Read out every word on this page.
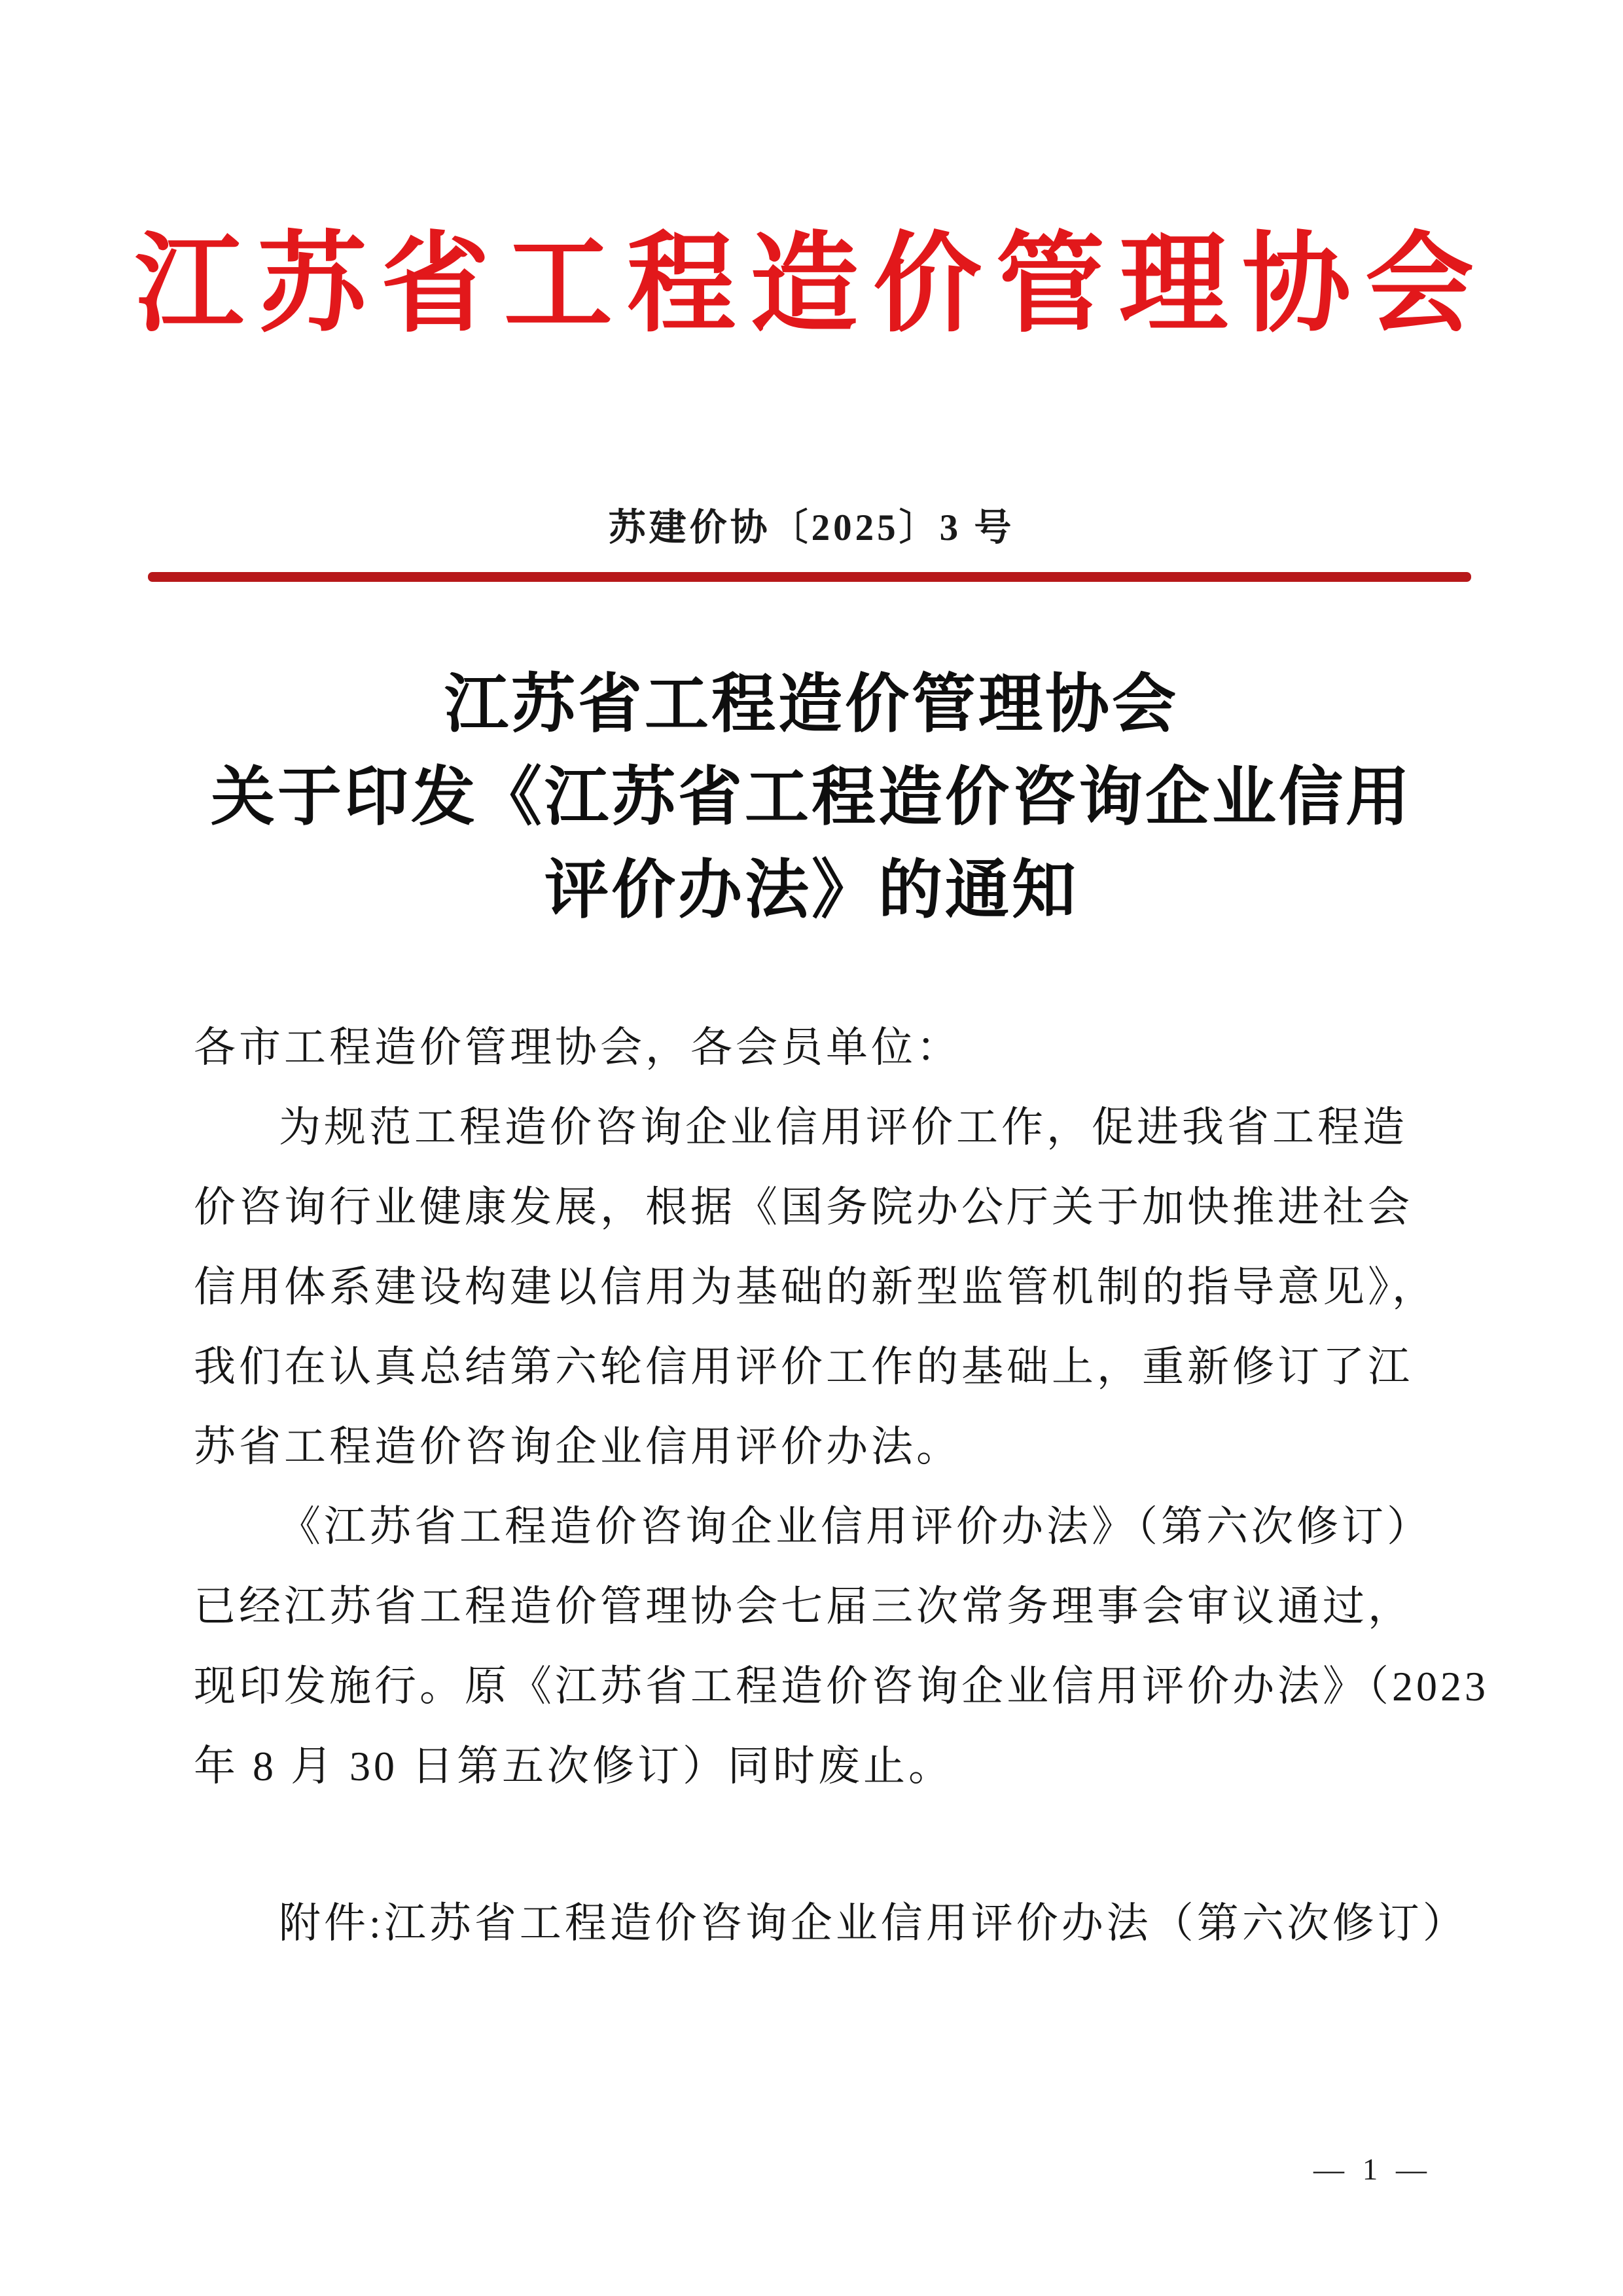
江苏省工程造价管理协会
苏建价协〔2025〕3 号
江苏省工程造价管理协会
关于印发《江苏省工程造价咨询企业信用
评价办法》的通知
各市工程造价管理协会，各会员单位：
为规范工程造价咨询企业信用评价工作，促进我省工程造
价咨询行业健康发展，根据《国务院办公厅关于加快推进社会
信用体系建设构建以信用为基础的新型监管机制的指导意见》，
我们在认真总结第六轮信用评价工作的基础上，重新修订了江
苏省工程造价咨询企业信用评价办法。
《江苏省工程造价咨询企业信用评价办法》（第六次修订）
已经江苏省工程造价管理协会七届三次常务理事会审议通过，
现印发施行。原《江苏省工程造价咨询企业信用评价办法》（2023
年 8 月 30 日第五次修订）同时废止。
附件:江苏省工程造价咨询企业信用评价办法（第六次修订）
— 1 —
